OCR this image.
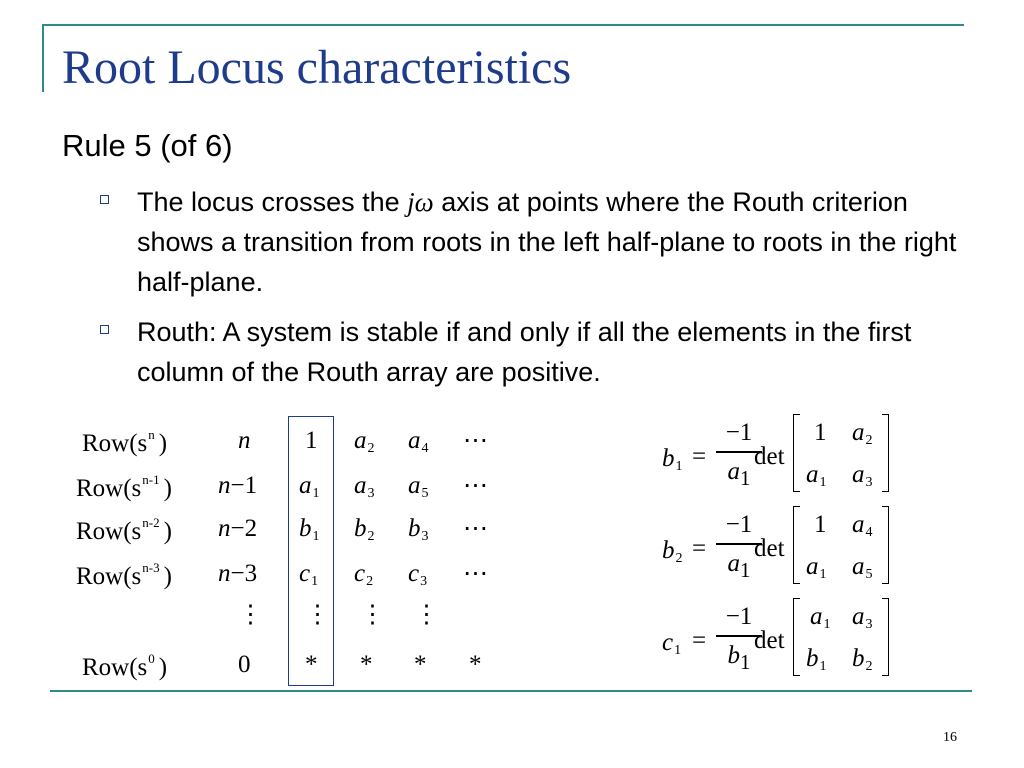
Root Locus characteristics
Rule 5 (of 6)
The locus crosses the jω axis at points where the Routh criterion shows a transition from roots in the left half-plane to roots in the right half-plane.
Routh: A system is stable if and only if all the elements in the first column of the Routh array are positive.
$Row(s^n$ )	n 1 $a_2$ $a_4$ ⋯
$Row(s^{n-1}$ ) n−1 $a_1$ $a_3$ $a_5$ ⋯
$Row(s^{n-2}$ ) n−2 $b_1$ $b_2$ $b_3$ ⋯
$Row(s^{n-3}$ ) n−3 $c_1$ $c_2$ $c_3$ ⋯
⋮ ⋮ ⋮ ⋮
$Row(s^0$ )	0 * * * *
$b_1$ =
−1
$a_1$
det
1 $a_2$
$a_1$ $a_3$
$b_2$ =
−1
$a_1$
det
1 $a_4$
$a_1$ $a_5$
$c_1$ =
−1
$b_1$
det
$a_1$ $a_3$
$b_1$ $b_2$
16
